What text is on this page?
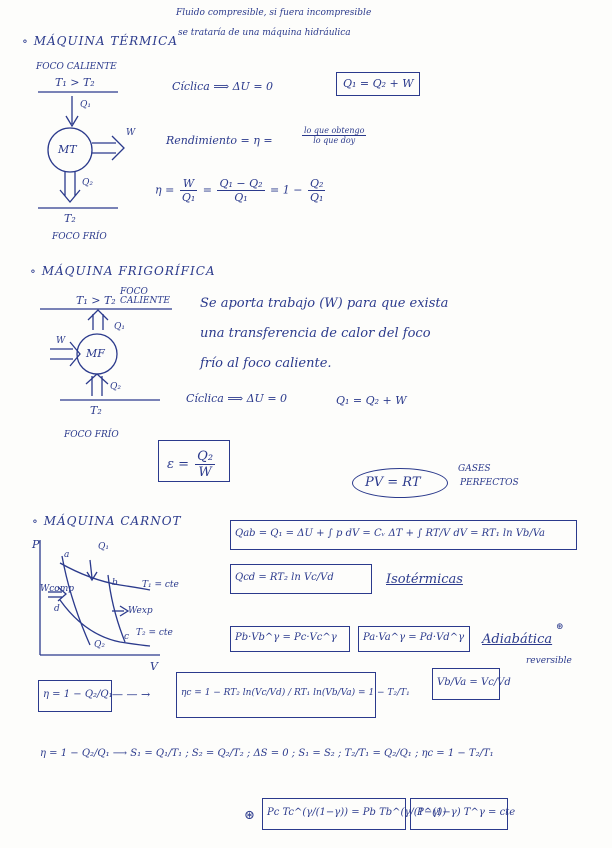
∘ MÁQUINA TÉRMICA
Fluido compresible, si fuera incompresible
se trataría de una máquina hidráulica
FOCO CALIENTE
T₁ > T₂
Q₁
MT
W
Q₂
T₂
FOCO FRÍO
Cíclica ⟹ ΔU = 0	Q₁ = Q₂ + W
Rendimiento = η =	$\frac{\text{lo que obtengo}}{\text{lo que doy}}$
$\eta = \frac{W}{\text{Q₁}} = \frac{\text{Q₁ − Q₂}}{\text{Q₁}} = 1 - \frac{\text{Q₂}}{\text{Q₁}}$
∘ MÁQUINA FRIGORÍFICA
FOCO CALIENTE
T₁ > T₂
Q₁
W
MF
Q₂
T₂
FOCO FRÍO
Se aporta trabajo (W) para que exista
una transferencia de calor del foco
frío al foco caliente.
Cíclica ⟹ ΔU = 0	Q₁ = Q₂ + W
$\varepsilon = \frac{\text{Q₂}}{W}$
PV = RT
GASES
PERFECTOS
∘ MÁQUINA CARNOT
P
V
Q₁
a
b
c
d
T₁ = cte
T₂ = cte
Wexp
Wcomp
Q₂
Qab = Q₁ = ΔU + ∫ p dV = Cᵥ ΔT + ∫ RT/V dV = RT₁ ln Vb/Va
Qcd = RT₂ ln Vc/Vd	Isotérmicas
Pb·Vb^γ = Pc·Vc^γ	Pa·Va^γ = Pd·Vd^γ Adiabática
⊛
reversible
Vb/Va = Vc/Vd
η = 1 − Q₂/Q₁ — — →	ηc = 1 − RT₂ ln(Vc/Vd) / RT₁ ln(Vb/Va) = 1 − T₂/T₁
η = 1 − Q₂/Q₁ ⟶ S₁ = Q₁/T₁ ; S₂ = Q₂/T₂ ; ΔS = 0 ; S₁ = S₂ ; T₂/T₁ = Q₂/Q₁ ; ηc = 1 − T₂/T₁
⊛ Pc Tc^(γ/(1−γ)) = Pb Tb^(γ/(1−γ))
P^(1−γ) T^γ = cte
